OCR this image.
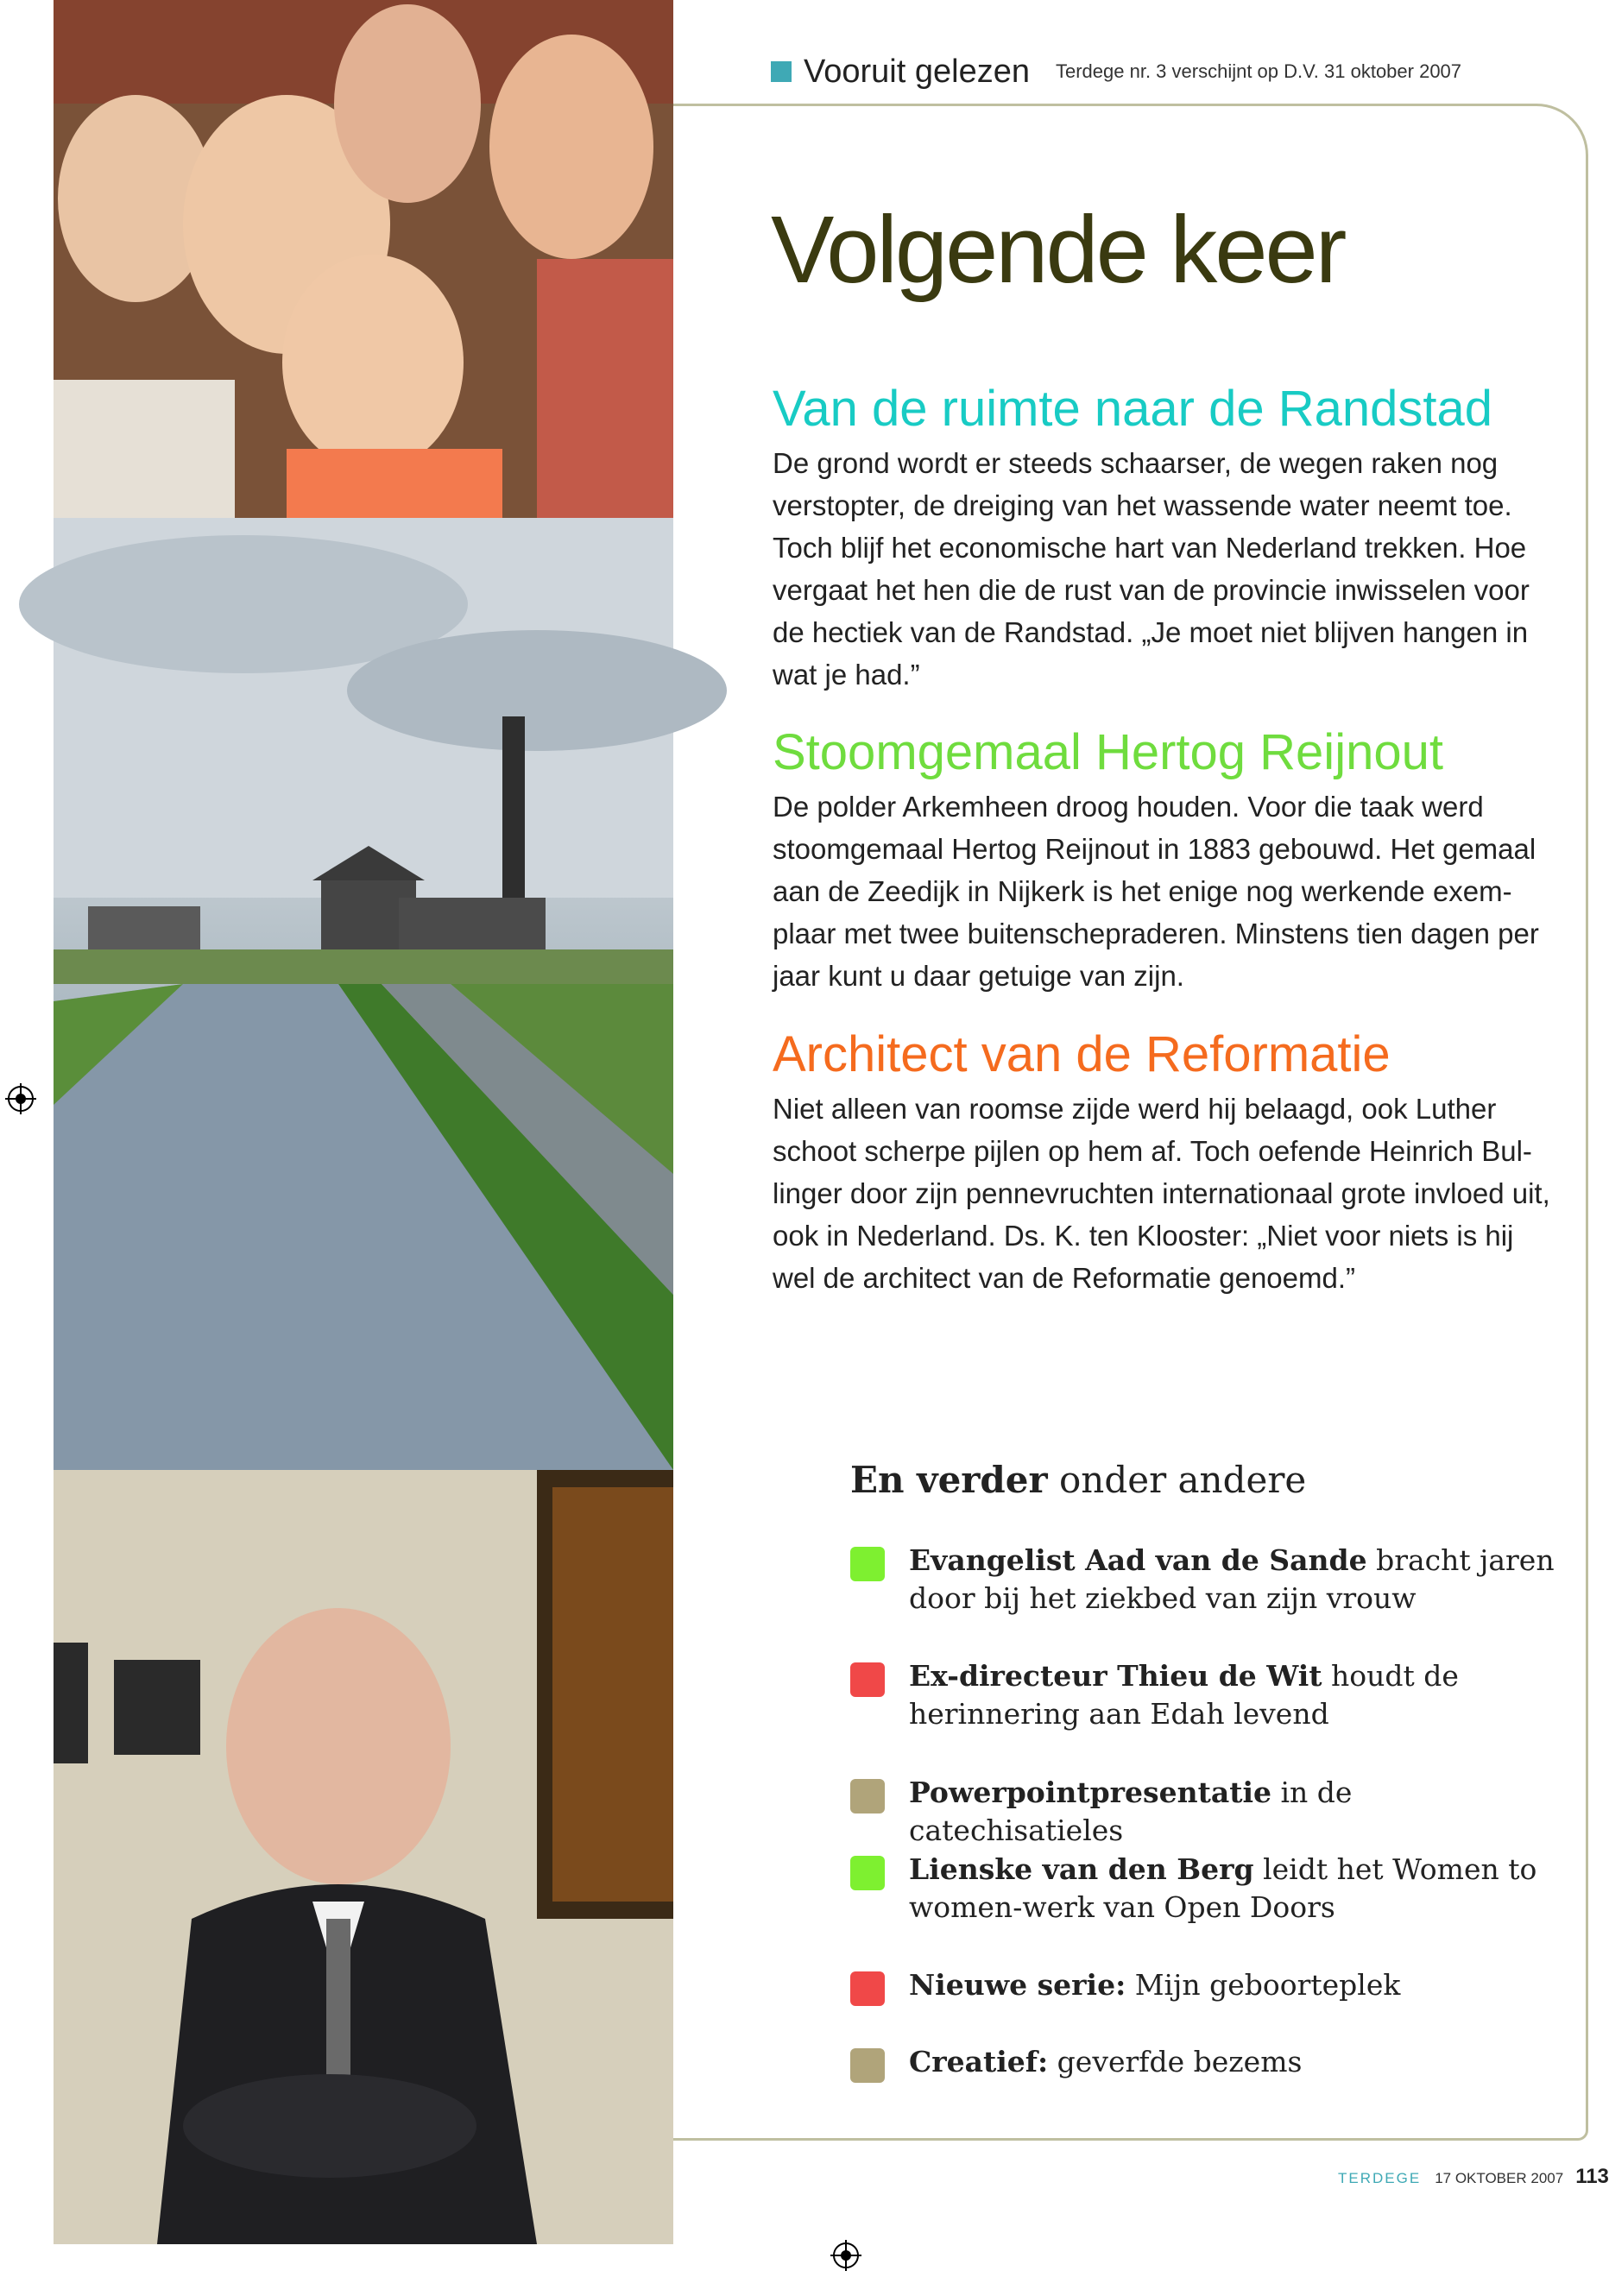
Vooruit gelezen Terdege nr. 3 verschijnt op D.V. 31 oktober 2007
Volgende keer
Van de ruimte naar de Randstad

De grond wordt er steeds schaarser, de wegen raken nog verstopter, de dreiging van het wassende water neemt toe. Toch blijf het economische hart van Nederland trekken. Hoe vergaat het hen die de rust van de provincie inwisselen voor de hectiek van de Randstad. „Je moet niet blijven hangen in wat je had.”

Stoomgemaal Hertog Reijnout

De polder Arkemheen droog houden. Voor die taak werd stoomgemaal Hertog Reijnout in 1883 gebouwd. Het gemaal aan de Zeedijk in Nijkerk is het enige nog werkende exem-plaar met twee buitenschepraderen. Minstens tien dagen per jaar kunt u daar getuige van zijn.

Architect van de Reformatie

Niet alleen van roomse zijde werd hij belaagd, ook Luther schoot scherpe pijlen op hem af. Toch oefende Heinrich Bul-linger door zijn pennevruchten internationaal grote invloed uit, ook in Nederland. Ds. K. ten Klooster: „Niet voor niets is hij wel de architect van de Reformatie genoemd.”

En verder onder andere
Evangelist Aad van de Sande bracht jaren door bij het ziekbed van zijn vrouw
Ex-directeur Thieu de Wit houdt de herinnering aan Edah levend
Powerpointpresentatie in de catechisatieles
Lienske van den Berg leidt het Women to women-werk van Open Doors
Nieuwe serie: Mijn geboorteplek
Creatief: geverfde bezems
TERDEGE 17 OKTOBER 2007 113
